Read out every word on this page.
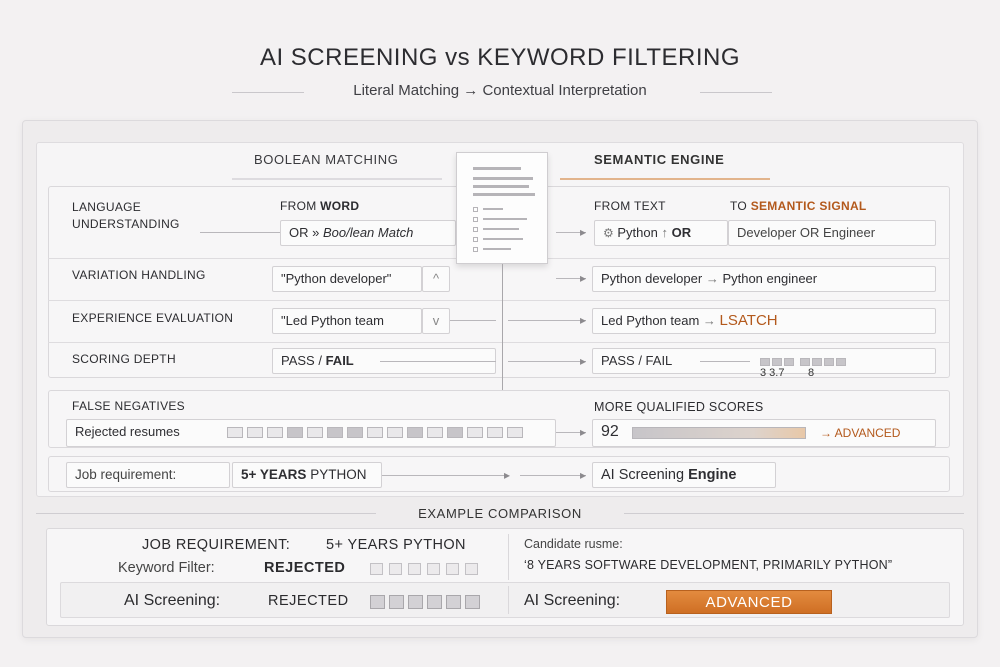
AI SCREENING vs KEYWORD FILTERING
Literal Matching → Contextual Interpretation
BOOLEAN MATCHING	SEMANTIC ENGINE
LANGUAGE
UNDERSTANDING
FROM WORD
OR » Boo/lean Match	▸
FROM TEXT	TO SEMANTIC SIGNAL
⚙ Python ↑ OR	Developer OR Engineer
VARIATION HANDLING	"Python developer"	^	▸	Python developer → Python engineer
EXPERIENCE EVALUATION	"Led Python team	v	▸	Led Python team → LSATCH
SCORING DEPTH	PASS / FAIL	▸	PASS / FAIL
3 3.7 8
FALSE NEGATIVES
Rejected resumes	▸
MORE QUALIFIED SCORES
92	→ ADVANCED
Job requirement:	5+ YEARS PYTHON	▸	▸	AI Screening Engine
EXAMPLE COMPARISON
JOB REQUIREMENT: 5+ YEARS PYTHON	Candidate rusme:
‘8 YEARS SOFTWARE DEVELOPMENT, PRIMARILY PYTHON”
Keyword Filter:	REJECTED
AI Screening:	REJECTED	AI Screening:	ADVANCED
